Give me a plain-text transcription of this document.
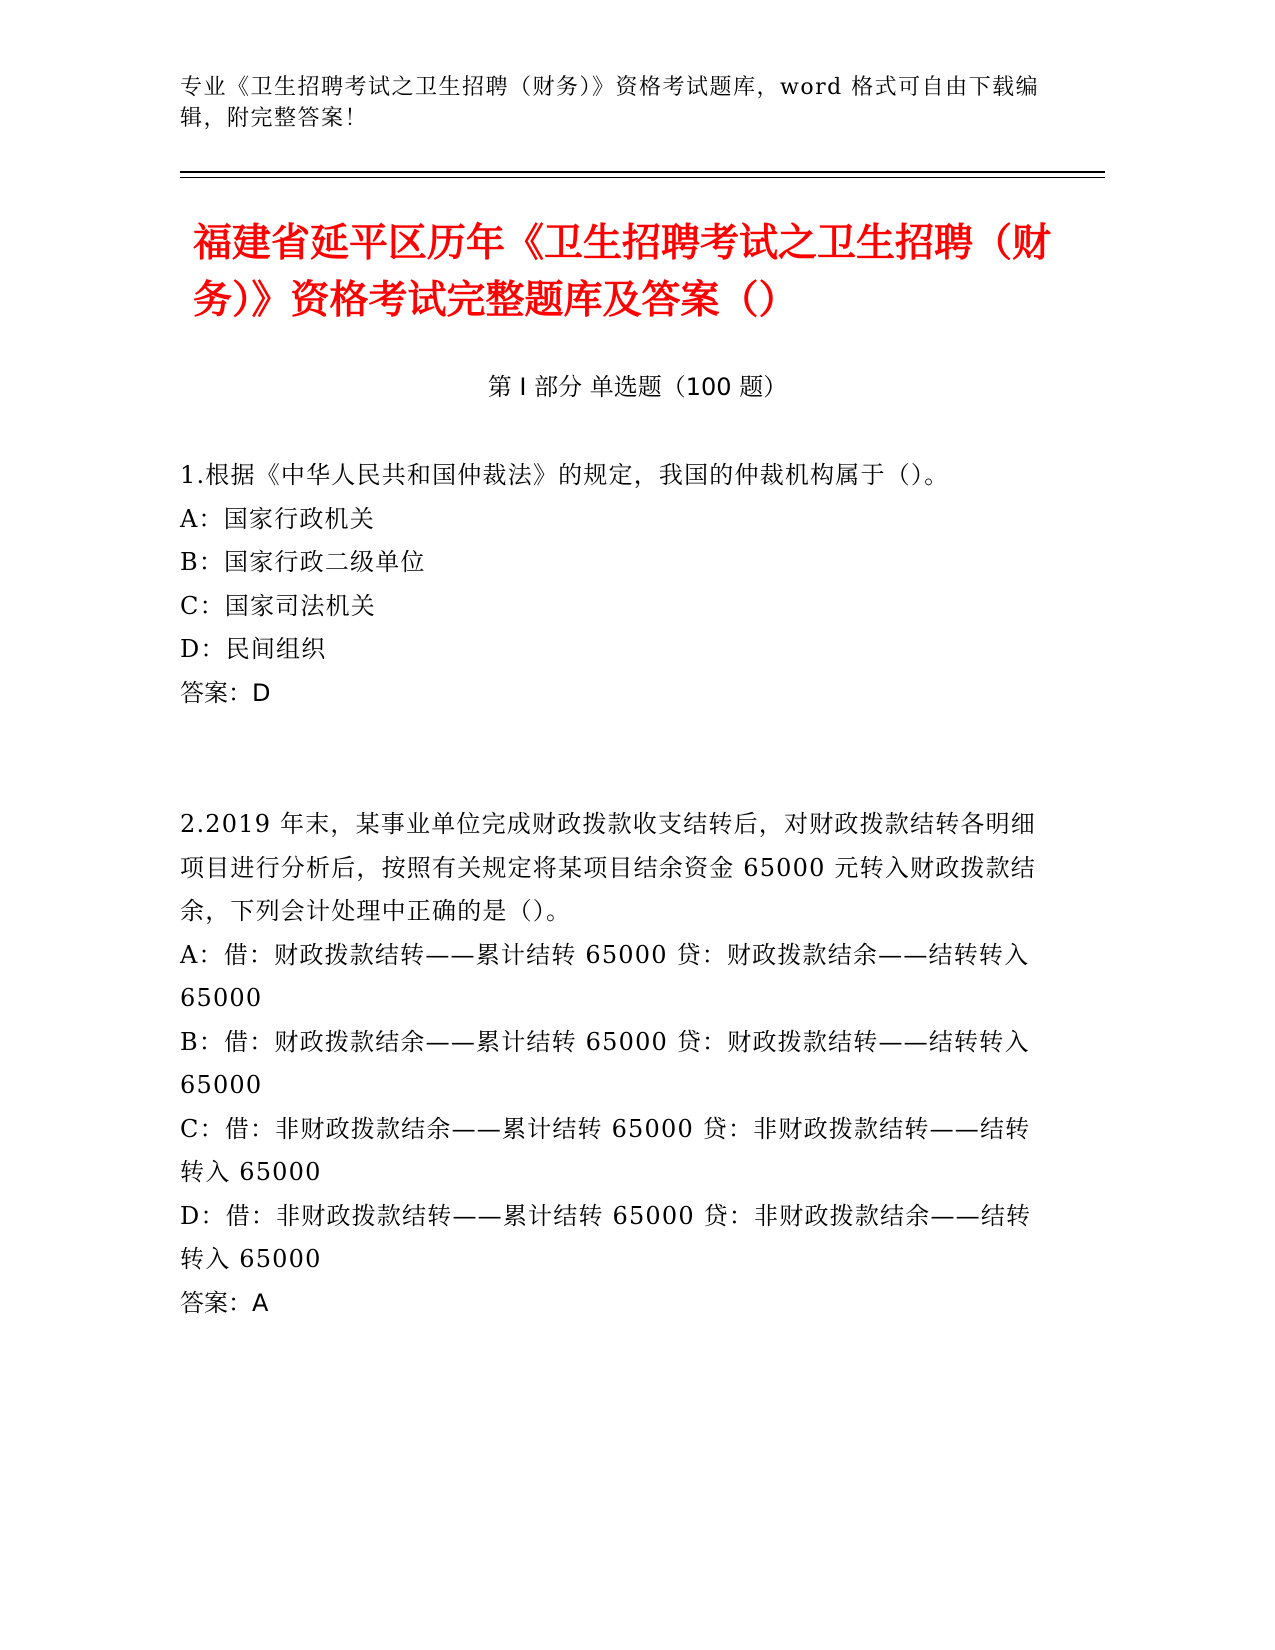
专业《卫生招聘考试之卫生招聘（财务）》资格考试题库，word 格式可自由下载编辑，附完整答案！
福建省延平区历年《卫生招聘考试之卫生招聘（财务）》资格考试完整题库及答案（）
第 I 部分 单选题（100 题）

1.根据《中华人民共和国仲裁法》的规定，我国的仲裁机构属于（）。

A：国家行政机关

B：国家行政二级单位

C：国家司法机关

D：民间组织

答案：D

2.2019 年末，某事业单位完成财政拨款收支结转后，对财政拨款结转各明细项目进行分析后，按照有关规定将某项目结余资金 65000 元转入财政拨款结余，下列会计处理中正确的是（）。

A：借：财政拨款结转——累计结转 65000 贷：财政拨款结余——结转转入 65000

B：借：财政拨款结余——累计结转 65000 贷：财政拨款结转——结转转入 65000

C：借：非财政拨款结余——累计结转 65000 贷：非财政拨款结转——结转转入 65000

D：借：非财政拨款结转——累计结转 65000 贷：非财政拨款结余——结转转入 65000

答案：A
